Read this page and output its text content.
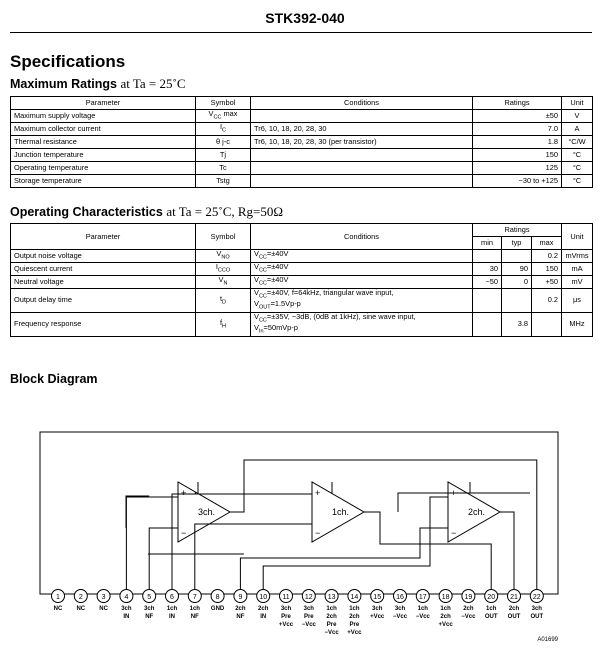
STK392-040
Specifications
Maximum Ratings at Ta = 25˚C
Parameter	Symbol	Conditions	Ratings	Unit
Maximum supply voltage	$V_{CC}$ max		±50	V
Maximum collector current	$I_C$	Tr6, 10, 18, 20, 28, 30	7.0	A
Thermal resistance	θ j-c	Tr6, 10, 18, 20, 28, 30 (per transistor)	1.8	°C/W
Junction temperature	Tj		150	°C
Operating temperature	Tc		125	°C
Storage temperature	Tstg		−30 to +125	°C
Operating Characteristics at Ta = 25˚C, Rg=50Ω
Parameter	Symbol	Conditions	Ratings			Unit
			min	typ	max	
Output noise voltage	$V_{NO}$	$V_{CC}=\pm 40V$			0.2	mVrms
Quiescent current	$I_{CCO}$	$V_{CC}=\pm 40V$	30	90	150	mA
Neutral voltage	$V_N$	$V_{CC}=\pm 40V$	−50	0	+50	mV
Output delay time	$t_D$	$V_{CC}=\pm 40V$, f=64kHz, triangular wave input,
$V_{OUT}=1.5Vp-p$			0.2	μs
Frequency response	$f_H$	$V_{CC}=\pm 35V$, −3dB, (0dB at 1kHz), sine wave input,
$V_{In}=50mVp-p$		3.8		MHz
Block Diagram
3ch.
+
−
1ch.
+
−
2ch.
+
−
1
NC
2
NC
3
NC
4
3ch
IN
5
3ch
NF
6
1ch
IN
7
1ch
NF
8
GND
9
2ch
NF
10
2ch
IN
11
3ch
Pre
+Vcc
12
3ch
Pre
−Vcc
13
1ch
2ch
Pre
−Vcc
14
1ch
2ch
Pre
+Vcc
15
3ch
+Vcc
16
3ch
−Vcc
17
1ch
−Vcc
18
1ch
2ch
+Vcc
19
2ch
−Vcc
20
1ch
OUT
21
2ch
OUT
22
3ch
OUT
A01699
